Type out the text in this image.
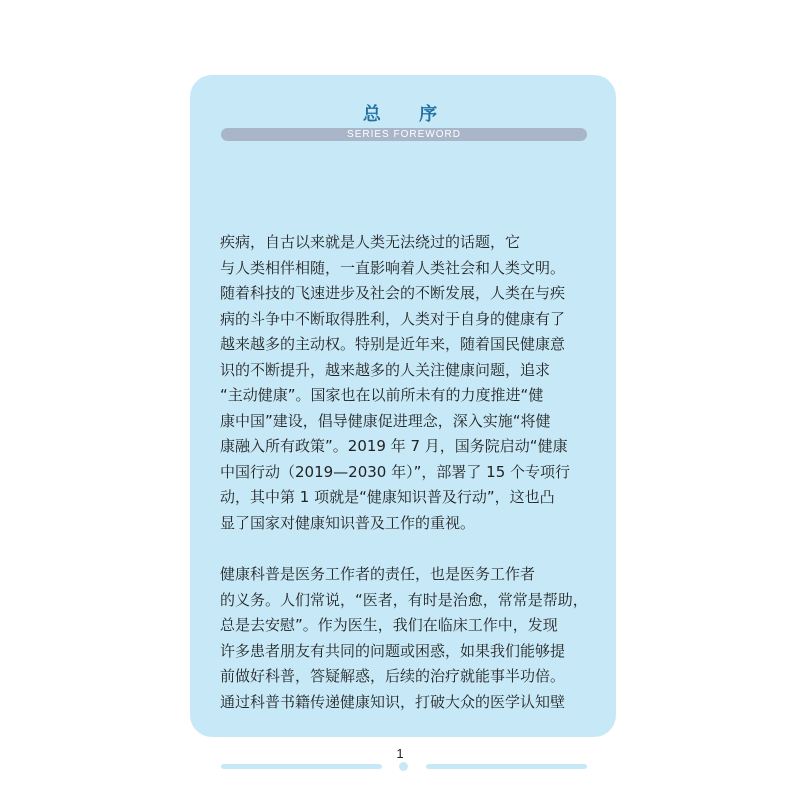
总 序
SERIES FOREWORD
疾病，自古以来就是人类无法绕过的话题，它
与人类相伴相随，一直影响着人类社会和人类文明。
随着科技的飞速进步及社会的不断发展，人类在与疾
病的斗争中不断取得胜利，人类对于自身的健康有了
越来越多的主动权。特别是近年来，随着国民健康意
识的不断提升，越来越多的人关注健康问题，追求
“主动健康”。国家也在以前所未有的力度推进“健
康中国”建设，倡导健康促进理念，深入实施“将健
康融入所有政策”。2019 年 7 月，国务院启动“健康
中国行动（2019—2030 年）”，部署了 15 个专项行
动，其中第 1 项就是“健康知识普及行动”，这也凸
显了国家对健康知识普及工作的重视。
健康科普是医务工作者的责任，也是医务工作者
的义务。人们常说，“医者，有时是治愈，常常是帮助，
总是去安慰”。作为医生，我们在临床工作中，发现
许多患者朋友有共同的问题或困惑，如果我们能够提
前做好科普，答疑解惑，后续的治疗就能事半功倍。
通过科普书籍传递健康知识，打破大众的医学认知壁
1
